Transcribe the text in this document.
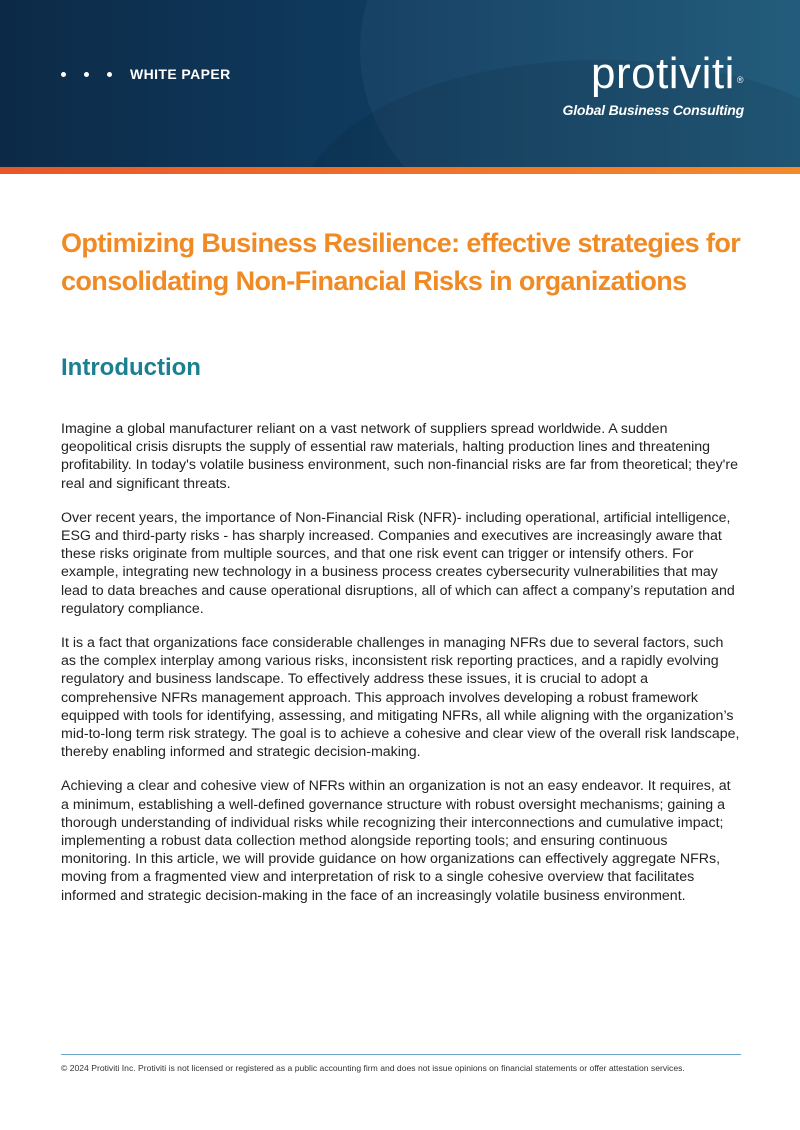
WHITE PAPER	protiviti ®
Global Business Consulting
Optimizing Business Resilience: effective strategies for consolidating Non-Financial Risks in organizations
Introduction

Imagine a global manufacturer reliant on a vast network of suppliers spread worldwide. A sudden geopolitical crisis disrupts the supply of essential raw materials, halting production lines and threatening profitability. In today's volatile business environment, such non-financial risks are far from theoretical; they're real and significant threats.

Over recent years, the importance of Non-Financial Risk (NFR)- including operational, artificial intelligence, ESG and third-party risks - has sharply increased. Companies and executives are increasingly aware that these risks originate from multiple sources, and that one risk event can trigger or intensify others. For example, integrating new technology in a business process creates cybersecurity vulnerabilities that may lead to data breaches and cause operational disruptions, all of which can affect a company’s reputation and regulatory compliance.

It is a fact that organizations face considerable challenges in managing NFRs due to several factors, such as the complex interplay among various risks, inconsistent risk reporting practices, and a rapidly evolving regulatory and business landscape. To effectively address these issues, it is crucial to adopt a comprehensive NFRs management approach. This approach involves developing a robust framework equipped with tools for identifying, assessing, and mitigating NFRs, all while aligning with the organization’s mid-to-long term risk strategy. The goal is to achieve a cohesive and clear view of the overall risk landscape, thereby enabling informed and strategic decision-making.

Achieving a clear and cohesive view of NFRs within an organization is not an easy endeavor. It requires, at a minimum, establishing a well-defined governance structure with robust oversight mechanisms; gaining a thorough understanding of individual risks while recognizing their interconnections and cumulative impact; implementing a robust data collection method alongside reporting tools; and ensuring continuous monitoring. In this article, we will provide guidance on how organizations can effectively aggregate NFRs, moving from a fragmented view and interpretation of risk to a single cohesive overview that facilitates informed and strategic decision-making in the face of an increasingly volatile business environment.

© 2024 Protiviti Inc. Protiviti is not licensed or registered as a public accounting firm and does not issue opinions on financial statements or offer attestation services.
